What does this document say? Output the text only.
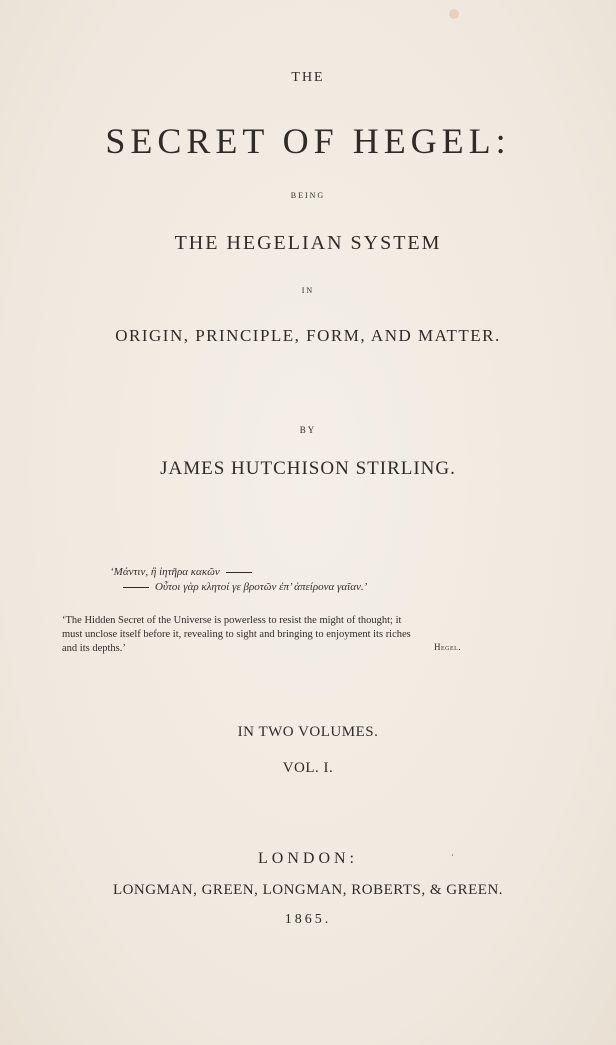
THE
SECRET OF HEGEL:
BEING
THE HEGELIAN SYSTEM
IN
ORIGIN, PRINCIPLE, FORM, AND MATTER.
BY
JAMES HUTCHISON STIRLING.
‘Μάντιν, ἢ ἰητῆρα κακῶν
Οὗτοι γὰρ κλητοί γε βροτῶν ἐπ’ ἀπείρονα γαῖαν.’
‘The Hidden Secret of the Universe is powerless to resist the might of thought; it
must unclose itself before it, revealing to sight and bringing to enjoyment its riches
and its depths.’	Hegel.
IN TWO VOLUMES.
VOL. I.
‘
LONDON:
LONGMAN, GREEN, LONGMAN, ROBERTS, & GREEN.
1865.
